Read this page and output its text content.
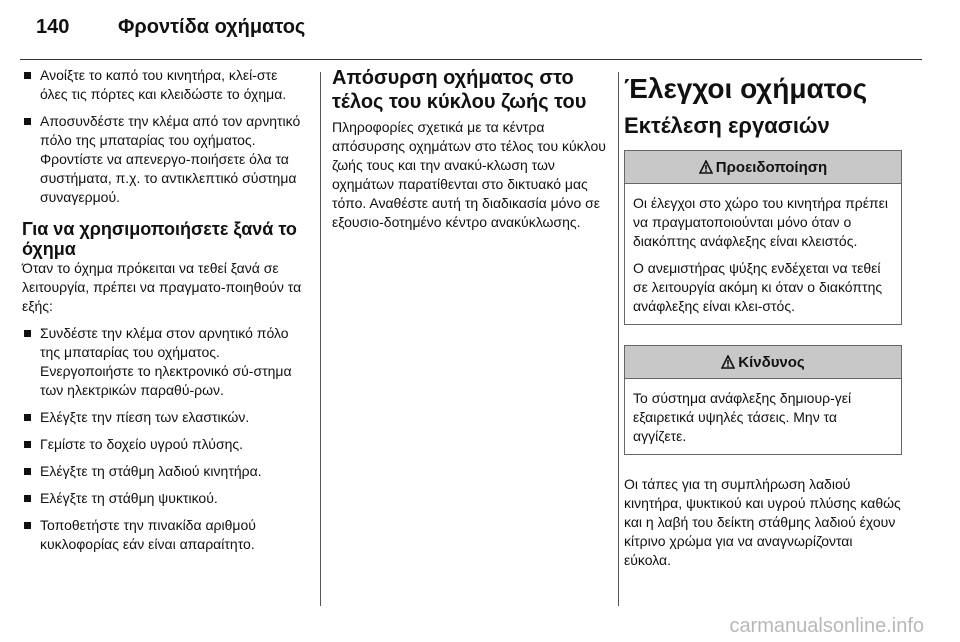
140 Φροντίδα οχήματος
Ανοίξτε το καπό του κινητήρα, κλεί-στε όλες τις πόρτες και κλειδώστε το όχημα.
Αποσυνδέστε την κλέμα από τον αρνητικό πόλο της μπαταρίας του οχήματος. Φροντίστε να απενεργο-ποιήσετε όλα τα συστήματα, π.χ. το αντικλεπτικό σύστημα συναγερμού.
Για να χρησιμοποιήσετε ξανά το όχημα

Όταν το όχημα πρόκειται να τεθεί ξανά σε λειτουργία, πρέπει να πραγματο-ποιηθούν τα εξής:

Συνδέστε την κλέμα στον αρνητικό πόλο της μπαταρίας του οχήματος. Ενεργοποιήστε το ηλεκτρονικό σύ-στημα των ηλεκτρικών παραθύ-ρων.
Ελέγξτε την πίεση των ελαστικών.
Γεμίστε το δοχείο υγρού πλύσης.
Ελέγξτε τη στάθμη λαδιού κινητήρα.
Ελέγξτε τη στάθμη ψυκτικού.
Τοποθετήστε την πινακίδα αριθμού κυκλοφορίας εάν είναι απαραίτητο.
Απόσυρση οχήματος στο τέλος του κύκλου ζωής του

Πληροφορίες σχετικά με τα κέντρα απόσυρσης οχημάτων στο τέλος του κύκλου ζωής τους και την ανακύ-κλωση των οχημάτων παρατίθενται στο δικτυακό μας τόπο. Αναθέστε αυτή τη διαδικασία μόνο σε εξουσιο-δοτημένο κέντρο ανακύκλωσης.

Έλεγχοι οχήματος
Εκτέλεση εργασιών
Προειδοποίηση

Οι έλεγχοι στο χώρο του κινητήρα πρέπει να πραγματοποιούνται μόνο όταν ο διακόπτης ανάφλεξης είναι κλειστός.

Ο ανεμιστήρας ψύξης ενδέχεται να τεθεί σε λειτουργία ακόμη κι όταν ο διακόπτης ανάφλεξης είναι κλει-στός.

Κίνδυνος

Το σύστημα ανάφλεξης δημιουρ-γεί εξαιρετικά υψηλές τάσεις. Μην τα αγγίζετε.

Οι τάπες για τη συμπλήρωση λαδιού κινητήρα, ψυκτικού και υγρού πλύσης καθώς και η λαβή του δείκτη στάθμης λαδιού έχουν κίτρινο χρώμα για να αναγνωρίζονται εύκολα.

carmanualsonline.info
